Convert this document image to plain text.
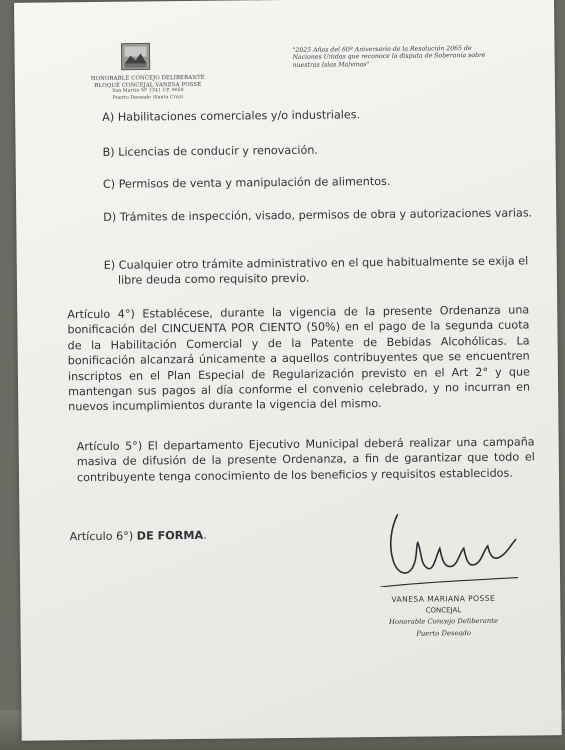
HONORABLE CONCEJO DELIBERANTE
BLOQUE CONCEJAL VANESA POSSE
San Martín Nº 1341 CP. 9050
Puerto Deseado (Santa Cruz)
"2025 Años del 60º Aniversario de la Resolución 2065 de Naciones Unidas que reconoce la disputa de Soberanía sobre nuestras Islas Malvinas"
A) Habilitaciones comerciales y/o industriales.
B) Licencias de conducir y renovación.
C) Permisos de venta y manipulación de alimentos.
D) Trámites de inspección, visado, permisos de obra y autorizaciones varias.
E) Cualquier otro trámite administrativo en el que habitualmente se exija el libre deuda como requisito previo.
Artículo 4°) Establécese, durante la vigencia de la presente Ordenanza una bonificación del CINCUENTA POR CIENTO (50%) en el pago de la segunda cuota de la Habilitación Comercial y de la Patente de Bebidas Alcohólicas. La bonificación alcanzará únicamente a aquellos contribuyentes que se encuentren inscriptos en el Plan Especial de Regularización previsto en el Art 2° y que mantengan sus pagos al día conforme el convenio celebrado, y no incurran en nuevos incumplimientos durante la vigencia del mismo.
Artículo 5°) El departamento Ejecutivo Municipal deberá realizar una campaña masiva de difusión de la presente Ordenanza, a fin de garantizar que todo el contribuyente tenga conocimiento de los beneficios y requisitos establecidos.
Artículo 6°) DE FORMA.
VANESA MARIANA POSSE
CONCEJAL
Honorable Concejo Deliberante
Puerto Deseado
